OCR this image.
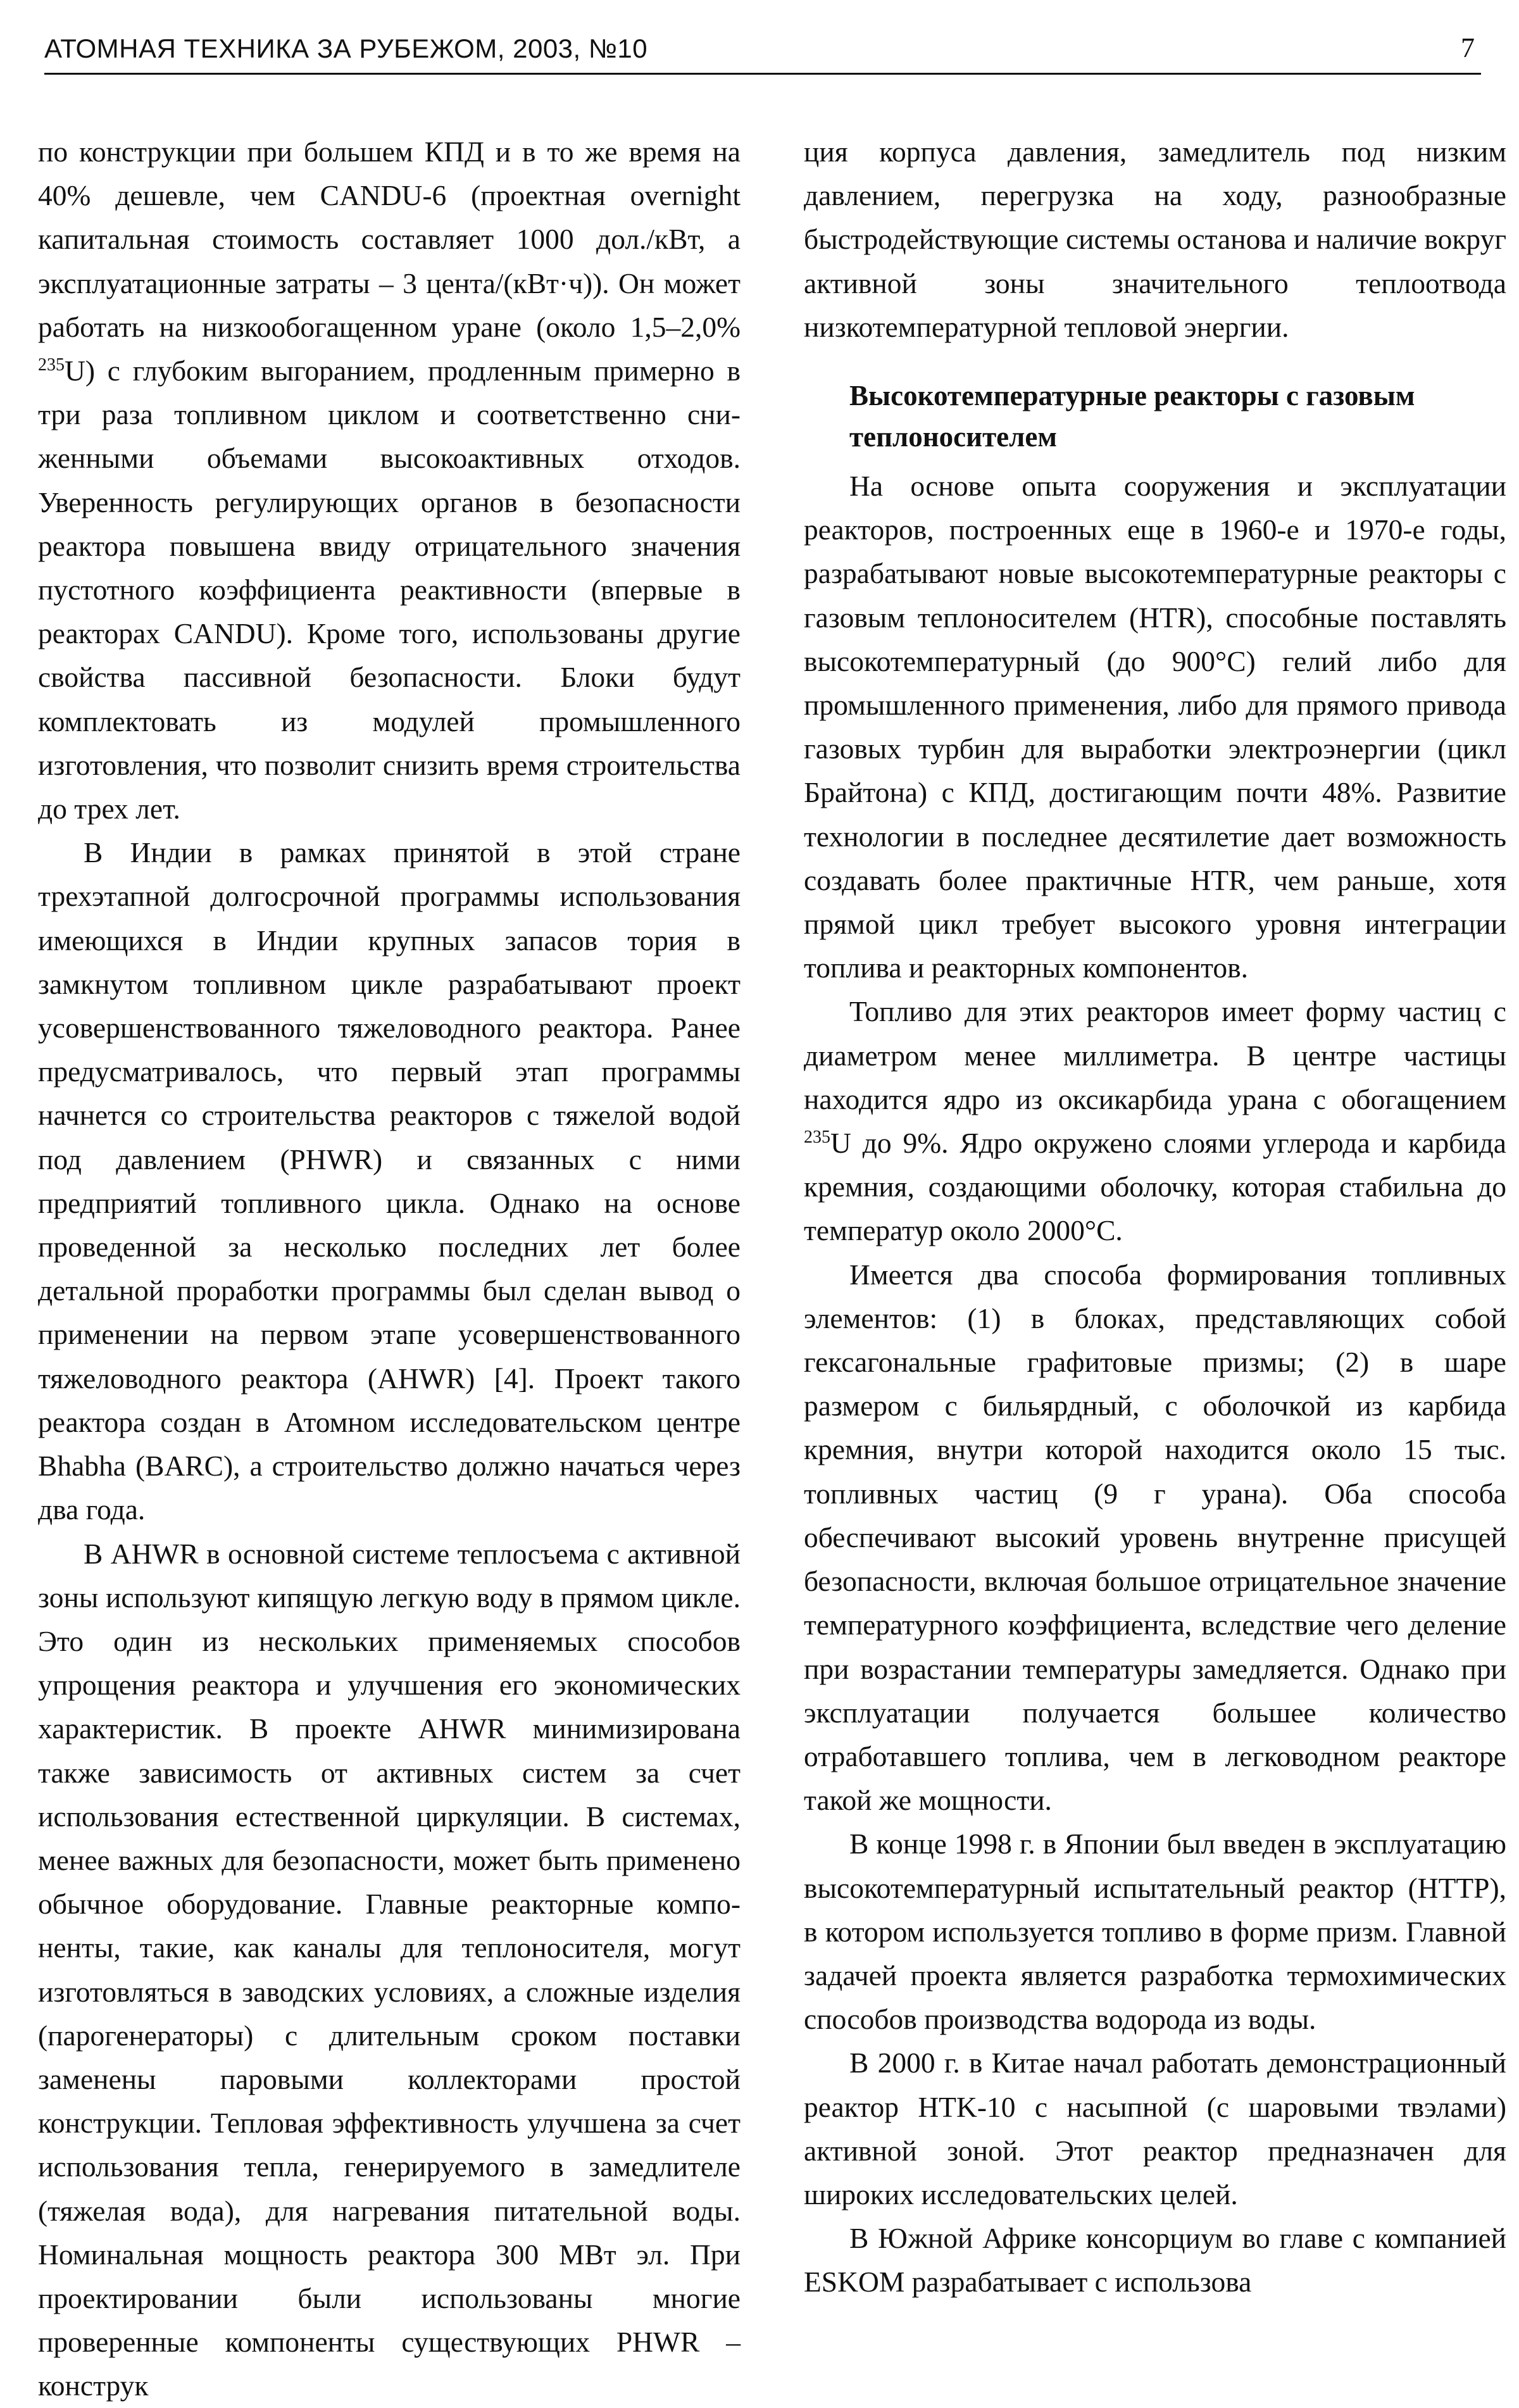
АТОМНАЯ ТЕХНИКА ЗА РУБЕЖОМ, 2003, №10	7

по конструкции при большем КПД и в то же время на 40% дешевле, чем CANDU-6 (проектная overnight капитальная стоимость составляет 1000 дол./кВт, а эксплуатационные затраты – 3 цента/(кВт·ч)). Он может работать на низкообогащенном уране (около 1,5–2,0% $^{235}$U) с глубоким выгоранием, продленным примерно в три раза топливном циклом и соответственно сниженными объемами высокоактивных отходов. Уверенность регулирующих органов в безопасности реактора повышена ввиду отрицательного значения пустотного коэффициента реактивности (впервые в реакторах CANDU). Кроме того, использованы другие свойства пассивной безопасности. Блоки будут комплектовать из модулей промышленного изготовления, что позволит снизить время строительства до трех лет.

В Индии в рамках принятой в этой стране трехэтапной долгосрочной программы использования имеющихся в Индии крупных запасов тория в замкнутом топливном цикле разрабатывают проект усовершенствованного тяжеловодного реактора. Ранее предусматривалось, что первый этап программы начнется со строительства реакторов с тяжелой водой под давлением (PHWR) и связанных с ними предприятий топливного цикла. Однако на основе проведенной за несколько последних лет более детальной проработки программы был сделан вывод о применении на первом этапе усовершенствованного тяжеловодного реактора (AHWR) [4]. Проект такого реактора создан в Атомном исследовательском центре Bhabha (BARC), а строительство должно начаться через два года.

В AHWR в основной системе теплосъема с активной зоны используют кипящую легкую воду в прямом цикле. Это один из нескольких применяемых способов упрощения реактора и улучшения его экономических характеристик. В проекте AHWR минимизирована также зависимость от активных систем за счет использования естественной циркуляции. В системах, менее важных для безопасности, может быть применено обычное оборудование. Главные реакторные компоненты, такие, как каналы для теплоносителя, могут изготовляться в заводских условиях, а сложные изделия (парогенераторы) с длительным сроком поставки заменены паровыми коллекторами простой конструкции. Тепловая эффективность улучшена за счет использования тепла, генерируемого в замедлителе (тяжелая вода), для нагревания питательной воды. Номинальная мощность реактора 300 МВт эл. При проектировании были использованы многие проверенные компоненты существующих PHWR – конструк

ция корпуса давления, замедлитель под низким давлением, перегрузка на ходу, разнообразные быстродействующие системы останова и наличие вокруг активной зоны значительного теплоотвода низкотемпературной тепловой энергии.

Высокотемпературные реакторы с газовым теплоносителем

На основе опыта сооружения и эксплуатации реакторов, построенных еще в 1960-е и 1970-е годы, разрабатывают новые высокотемпературные реакторы с газовым теплоносителем (HTR), способные поставлять высокотемпературный (до 900°C) гелий либо для промышленного применения, либо для прямого привода газовых турбин для выработки электроэнергии (цикл Брайтона) с КПД, достигающим почти 48%. Развитие технологии в последнее десятилетие дает возможность создавать более практичные HTR, чем раньше, хотя прямой цикл требует высокого уровня интеграции топлива и реакторных компонентов.

Топливо для этих реакторов имеет форму частиц с диаметром менее миллиметра. В центре частицы находится ядро из оксикарбида урана с обогащением $^{235}$U до 9%. Ядро окружено слоями углерода и карбида кремния, создающими оболочку, которая стабильна до температур около 2000°C.

Имеется два способа формирования топливных элементов: (1) в блоках, представляющих собой гексагональные графитовые призмы; (2) в шаре размером с бильярдный, с оболочкой из карбида кремния, внутри которой находится около 15 тыс. топливных частиц (9 г урана). Оба способа обеспечивают высокий уровень внутренне присущей безопасности, включая большое отрицательное значение температурного коэффициента, вследствие чего деление при возрастании температуры замедляется. Однако при эксплуатации получается большее количество отработавшего топлива, чем в легководном реакторе такой же мощности.

В конце 1998 г. в Японии был введен в эксплуатацию высокотемпературный испытательный реактор (HTTP), в котором используется топливо в форме призм. Главной задачей проекта является разработка термохимических способов производства водорода из воды.

В 2000 г. в Китае начал работать демонстрационный реактор HTK-10 с насыпной (с шаровыми твэлами) активной зоной. Этот реактор предназначен для широких исследовательских целей.

В Южной Африке консорциум во главе с компанией ESKOM разрабатывает с использова
